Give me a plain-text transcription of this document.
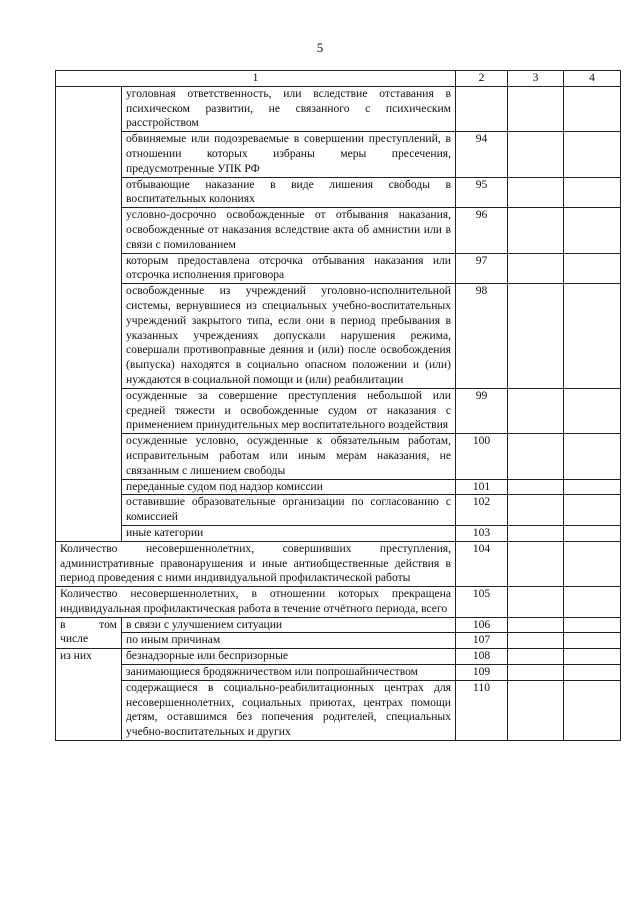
5
1		2	3	4
	уголовная ответственность, или вследствие отставания в психическом развитии, не связанного с психическим расстройством			
	обвиняемые или подозреваемые в совершении преступлений, в отношении которых избраны меры пресечения, предусмотренные УПК РФ	94		
	отбывающие наказание в виде лишения свободы в воспитательных колониях	95		
	условно-досрочно освобожденные от отбывания наказания, освобожденные от наказания вследствие акта об амнистии или в связи с помилованием	96		
	которым предоставлена отсрочка отбывания наказания или отсрочка исполнения приговора	97		
	освобожденные из учреждений уголовно-исполнительной системы, вернувшиеся из специальных учебно-воспитательных учреждений закрытого типа, если они в период пребывания в указанных учреждениях допускали нарушения режима, совершали противоправные деяния и (или) после освобождения (выпуска) находятся в социально опасном положении и (или) нуждаются в социальной помощи и (или) реабилитации	98		
	осужденные за совершение преступления небольшой или средней тяжести и освобожденные судом от наказания с применением принудительных мер воспитательного воздействия	99		
	осужденные условно, осужденные к обязательным работам, исправительным работам или иным мерам наказания, не связанным с лишением свободы	100		
	переданные судом под надзор комиссии	101		
	оставившие образовательные организации по согласованию с комиссией	102		
	иные категории	103		
Количество несовершеннолетних, совершивших преступления, административные правонарушения и иные антиобщественные действия в период проведения с ними индивидуальной профилактической работы		104		
Количество несовершеннолетних, в отношении которых прекращена индивидуальная профилактическая работа в течение отчётного периода, всего		105		
в том числе	в связи с улучшением ситуации	106		
	по иным причинам	107		
из них	безнадзорные или беспризорные	108		
	занимающиеся бродяжничеством или попрошайничеством	109		
	содержащиеся в социально-реабилитационных центрах для несовершеннолетних, социальных приютах, центрах помощи детям, оставшимся без попечения родителей, специальных учебно-воспитательных и других	110		
